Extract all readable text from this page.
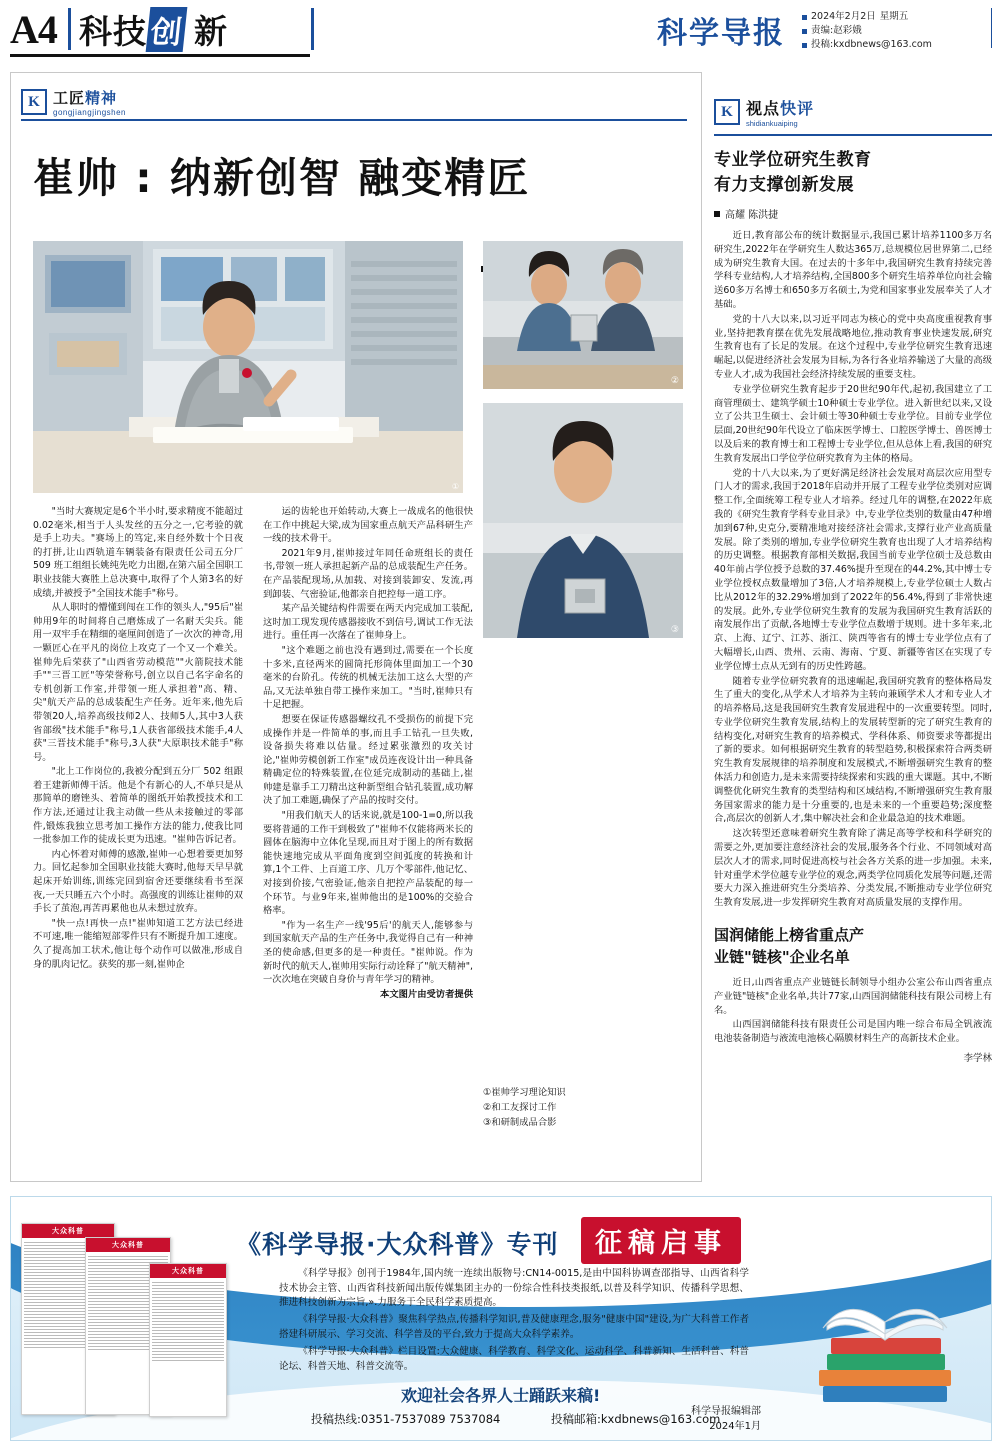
A4 科技 创 新	科学导报
2024年2月2日 星期五
责编:赵彩娥
投稿:kxdbnews@163.com
K 工匠精神
gongjiangjingshen
崔帅 : 纳新创智 融变精匠
①
②
③

"当时大赛规定是6个半小时,要求精度不能超过0.02毫米,相当于人头发丝的五分之一,它考验的就是手上功夫。"赛场上的笃定,来自经外数十个日夜的打拼,让山西轨道车辆装备有限责任公司五分厂 509 班工组组长姚纯先吃力出圈,在第六届全国职工职业技能大赛胜上总决赛中,取得了个人第3名的好成绩,并被授予"全国技术能手"称号。

从人职时的懵懂到闯在工作的领头人,"95后"崔帅用9年的时间将自己磨炼成了一名耐天尖兵。能用一双牢手在精细的毫厘间创造了一次次的神奇,用一颗匠心在平凡的岗位上攻克了一个又一个难关。崔帅先后荣获了"山西省劳动模范""火箭院技术能手""三晋工匠"等荣誉称号,创立以自己名字命名的专机创新工作室,并带领一班人承担着"高、精、尖"航天产品的总成装配生产任务。近年来,他先后带领20人,培养高级技师2人、技师5人,其中3人获省部级"技术能手"称号,1人获省部级技术能手,4人获"三晋技术能手"称号,3人获"大原职技术能手"称号。

"北上工作岗位的,我被分配到五分厂 502 组跟着王建新师傅干活。他是个有新心的人,不单只是从那简单的磨锉头、着简单的图纸开始教授技术和工作方法,还通过让我主动做一些从未接触过的零部件,锻炼我独立思考加工操作方法的能力,使我比同一批参加工作的徒成长更为迅速。"崔帅告诉记者。

内心怀着对师傅的感激,崔帅一心想着要更加努力。回忆起参加全国职业技能大赛时,他每天早早就起床开始训练,训练完回到宿舍还要继续看书至深夜,一天只睡五六个小时。高强度的训练让崔帅的双手长了茧泡,再苦再累他也从未想过放弃。

"快一点!再快一点!"崔帅知道工艺方法已经进不可速,唯一能缩短部零件只有不断提升加工速度。久了提高加工状术,他让每个动作可以做准,形成自身的肌肉记忆。获奖的那一刻,崔帅企

运的齿轮也开始转动,大赛上一战成名的他很快在工作中挑起大梁,成为国家重点航天产品科研生产一线的技术骨干。

2021年9月,崔帅接过年同任命班组长的责任书,带领一班人承担起新产品的总成装配生产任务。在产品装配现场,从加载、对接到装卸安、发流,再到卸装、气密验证,他都亲自把控每一道工序。

某产品关键结构件需要在两天内完成加工装配,这时加工现发现传感器接收不到信号,调试工作无法进行。重任再一次落在了崔帅身上。

"这个难题之前也没有遇到过,需要在一个长度十多米,直径两米的圆筒托形筒体里面加工一个30毫米的台阶孔。传统的机械无法加工这么大型的产品,又无法单独自带工操作来加工。"当时,崔帅只有十足把握。

想要在保证传感器螺纹孔不受损伤的前提下完成操作并是一件简单的事,而且手工钻孔一旦失败,设备损失将难以估量。经过累张激烈的攻关讨论,"崔帅劳模创新工作室"成员连夜设计出一种具备精确定位的特殊装置,在位延完成制动的基础上,崔帅建是靠手工刀精出这种新型组合钻孔装置,成功解决了加工难题,确保了产品的按时交付。

"用我们航天人的话来说,就是100-1=0,所以我要将普通的工作干到极致了"崔帅不仅能将两米长的圆体在脑海中立体化呈现,而且对于图上的所有数据能快速地完成从平面角度到空间弧度的转换和计算,1个工件、上百道工序、几万个零部件,他记忆、对接到价接,气密验证,他亲自把控产品装配的每一个环节。与业9年来,崔帅他出的是100%的交验合格率。

"作为一名生产一线'95后'的航天人,能够参与到国家航天产品的生产任务中,我觉得自己有一种神圣的使命感,但更多的是一种责任。"崔帅说。作为新时代的航天人,崔帅用实际行动诠释了"航天精神",一次次地在突破自身价与青年学习的精神。

本文图片由受访者提供

①崔帅学习理论知识
②和工友探讨工作
③和研制成品合影
K 视点快评
shidiankuaiping
专业学位研究生教育
有力支撑创新发展
高耀 陈洪捷

近日,教育部公布的统计数据显示,我国已累计培养1100多万名研究生,2022年在学研究生人数达365万,总规模位居世界第二,已经成为研究生教育大国。在过去的十多年中,我国研究生教育持续完善学科专业结构,人才培养结构,全国800多个研究生培养单位向社会输送60多万名博士和650多万名硕士,为党和国家事业发展奉关了人才基础。

党的十八大以来,以习近平同志为核心的党中央高度重视教育事业,坚持把教育摆在优先发展战略地位,推动教育事业快速发展,研究生教育也有了长足的发展。在这个过程中,专业学位研究生教育迅速崛起,以促进经济社会发展为目标,为各行各业培养输送了大量的高级专业人才,成为我国社会经济持续发展的重要支柱。

专业学位研究生教育起步于20世纪90年代,起初,我国建立了工商管理硕士、建筑学硕士10种硕士专业学位。进入新世纪以来,又设立了公共卫生硕士、会计硕士等30种硕士专业学位。目前专业学位层面,20世纪90年代设立了临床医学博士、口腔医学博士、兽医博士以及后来的教育博士和工程博士专业学位,但从总体上看,我国的研究生教育发展出口学位学位研究教育为主体的格局。

党的十八大以来,为了更好满足经济社会发展对高层次应用型专门人才的需求,我国于2018年启动并开展了工程专业学位类别对应调整工作,全面统筹工程专业人才培养。经过几年的调整,在2022年底我的《研究生教育学科专业目录》中,专业学位类别的数量由47种增加到67种,史克分,要精准地对接经济社会需求,支撑行业产业高质量发展。除了类别的增加,专业学位研究生教育也出现了人才培养结构的历史调整。根据教育部相关数据,我国当前专业学位硕士及总数由40年前占学位授予总数的37.46%提升至现在的44.2%,其中博士专业学位授权点数量增加了3倍,人才培养规模上,专业学位硕士人数占比从2012年的32.29%增加到了2022年的56.4%,得到了非常快速的发展。此外,专业学位研究生教育的发展为我国研究生教育活跃的南发展作出了贡献,各地博士专业学位点数增于规则。进十多年来,北京、上海、辽宁、江苏、浙江、陕西等省有的博士专业学位点有了大幅增长,山西、贵州、云南、海南、宁夏、新疆等省区在实现了专业学位博士点从无到有的历史性跨越。

随着专业学位研究教育的迅速崛起,我国研究教育的整体格局发生了重大的变化,从学术人才培养为主转向兼顾学术人才和专业人才的培养格局,这是我国研究生教育发展进程中的一次重要转型。同时,专业学位研究生教育发展,结构上的发展转型新的完了研究生教育的结构变化,对研究生教育的培养模式、学科体系、师资要求等都提出了新的要求。如何根据研究生教育的转型趋势,积极探索符合两类研究生教育发展规律的培养制度和发展模式,不断增强研究生教育的整体活力和创造力,是未来需要持续探索和实践的重大课题。其中,不断调整优化研究生教育的类型结构和区域结构,不断增强研究生教育服务国家需求的能力是十分重要的,也是未来的一个重要趋势;深度整合,高层次的创新人才,集中解决社会和企业最急迫的技术难题。

这次转型还意味着研究生教育除了满足高等学校和科学研究的需要之外,更加要注意经济社会的发展,服务各个行业、不同领域对高层次人才的需求,同时促进高校与社会各方关系的进一步加强。未来,针对重学术学位越专业学位的观念,两类学位同质化发展等问题,还需要大力深入推进研究生分类培养、分类发展,不断推动专业学位研究生教育发展,进一步发挥研究生教育对高质量发展的支撑作用。

国润储能上榜省重点产
业链"链核"企业名单

近日,山西省重点产业链链长制领导小组办公室公布山西省重点产业链"链核"企业名单,共计77家,山西国润储能科技有限公司榜上有名。

山西国润储能科技有限责任公司是国内唯一综合布局全钒液流电池装备制造与液流电池核心隔膜材料生产的高新技术企业。

李学林
大众科普
大众科普
大众科普
《科学导报·大众科普》专刊	征稿启事
《科学导报》创刊于1984年,国内统一连续出版物号:CN14-0015,是由中国科协调查邵指导、山西省科学技术协会主管、山西省科技新闻出版传媒集团主办的一份综合性科技类报纸,以普及科学知识、传播科学思想、推进科技创新为宗旨,».力服务于全民科学素质提高。
《科学导报·大众科普》聚焦科学热点,传播科学知识,普及健康理念,服务"健康中国"建设,为广大科普工作者搭建科研展示、学习交流、科学普及的平台,致力于提高大众科学素养。
《科学导报·大众科普》栏目设置:大众健康、科学教育、科学文化、运动科学、科普新知、生活科普、科普论坛、科普天地、科普交流等。
欢迎社会各界人士踊跃来稿!
投稿热线:0351-7537089 7537084	投稿邮箱:kxdbnews@163.com
科学导报编辑部
2024年1月
